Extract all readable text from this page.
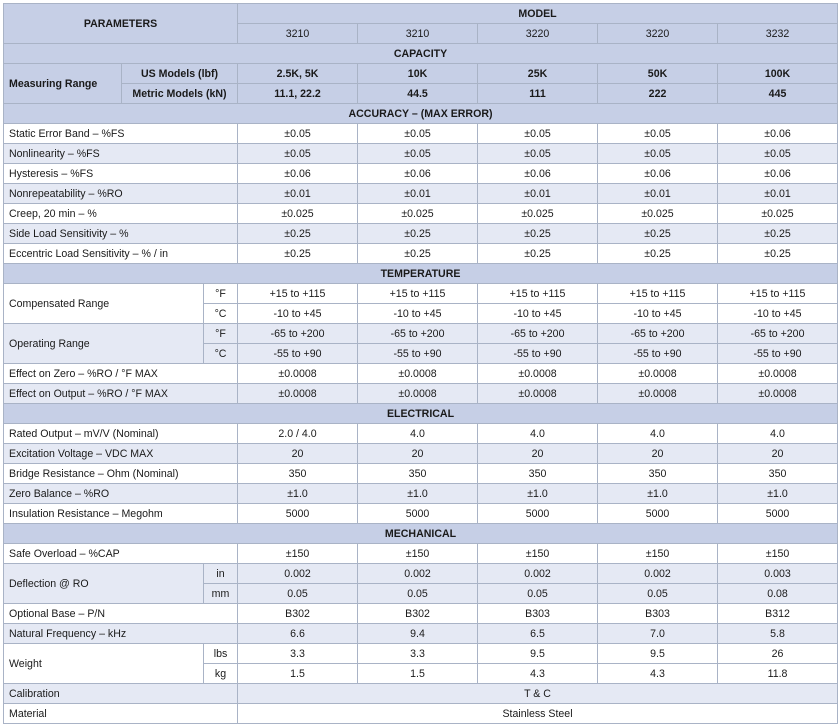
PARAMETERS			MODEL				
			3210	3210	3220	3220	3232
CAPACITY							
Measuring Range	US Models (lbf)		2.5K, 5K	10K	25K	50K	100K
	Metric Models (kN)		11.1, 22.2	44.5	111	222	445
ACCURACY – (MAX ERROR)							
Static Error Band – %FS			±0.05	±0.05	±0.05	±0.05	±0.06
Nonlinearity – %FS			±0.05	±0.05	±0.05	±0.05	±0.05
Hysteresis – %FS			±0.06	±0.06	±0.06	±0.06	±0.06
Nonrepeatability – %RO			±0.01	±0.01	±0.01	±0.01	±0.01
Creep, 20 min – %			±0.025	±0.025	±0.025	±0.025	±0.025
Side Load Sensitivity – %			±0.25	±0.25	±0.25	±0.25	±0.25
Eccentric Load Sensitivity – % / in			±0.25	±0.25	±0.25	±0.25	±0.25
TEMPERATURE							
Compensated Range		°F	+15 to +115	+15 to +115	+15 to +115	+15 to +115	+15 to +115
		°C	-10 to +45	-10 to +45	-10 to +45	-10 to +45	-10 to +45
Operating Range		°F	-65 to +200	-65 to +200	-65 to +200	-65 to +200	-65 to +200
		°C	-55 to +90	-55 to +90	-55 to +90	-55 to +90	-55 to +90
Effect on Zero – %RO / °F MAX			±0.0008	±0.0008	±0.0008	±0.0008	±0.0008
Effect on Output – %RO / °F MAX			±0.0008	±0.0008	±0.0008	±0.0008	±0.0008
ELECTRICAL							
Rated Output – mV/V (Nominal)			2.0 / 4.0	4.0	4.0	4.0	4.0
Excitation Voltage – VDC MAX			20	20	20	20	20
Bridge Resistance – Ohm (Nominal)			350	350	350	350	350
Zero Balance – %RO			±1.0	±1.0	±1.0	±1.0	±1.0
Insulation Resistance – Megohm			5000	5000	5000	5000	5000
MECHANICAL							
Safe Overload – %CAP			±150	±150	±150	±150	±150
Deflection @ RO		in	0.002	0.002	0.002	0.002	0.003
		mm	0.05	0.05	0.05	0.05	0.08
Optional Base – P/N			B302	B302	B303	B303	B312
Natural Frequency – kHz			6.6	9.4	6.5	7.0	5.8
Weight		lbs	3.3	3.3	9.5	9.5	26
		kg	1.5	1.5	4.3	4.3	11.8
Calibration			T & C				
Material			Stainless Steel				
